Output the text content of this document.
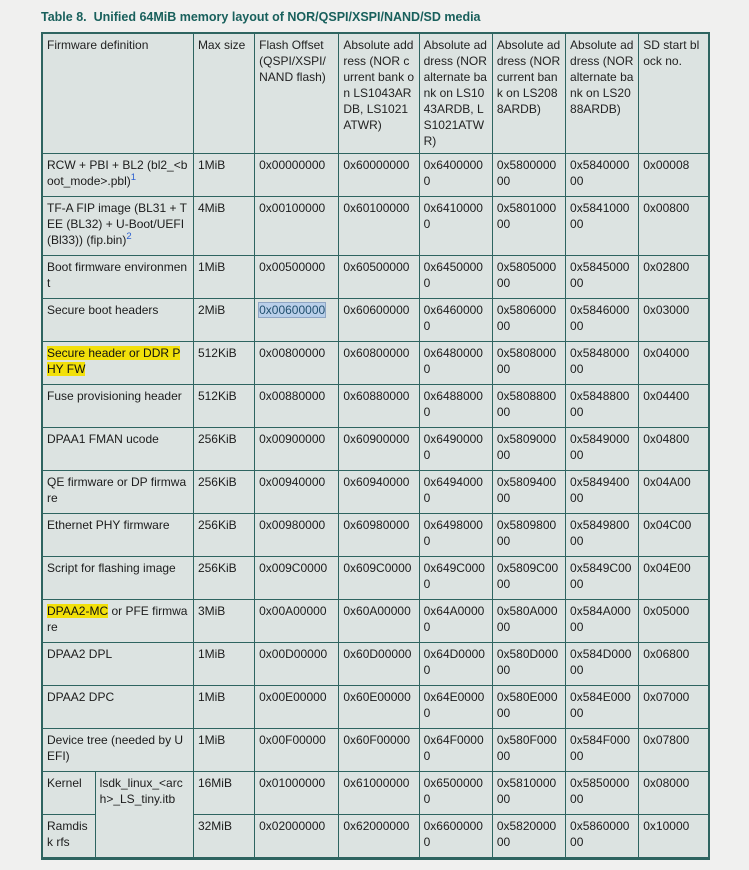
Table 8. Unified 64MiB memory layout of NOR/QSPI/XSPI/NAND/SD media
Firmware definition		Max size	Flash Offset (QSPI/XSPI/NAND flash)	Absolute address (NOR current bank on LS1043ARDB, LS1021ATWR)	Absolute address (NOR alternate bank on LS1043ARDB, LS1021ATWR)	Absolute address (NOR current bank on LS2088ARDB)	Absolute address (NOR alternate bank on LS2088ARDB)	SD start block no.
RCW + PBI + BL2 (bl2_<boot_mode>.pbl)$^1$		1MiB	0x00000000	0x60000000	0x64000000	0x580000000	0x584000000	0x00008
TF-A FIP image (BL31 + TEE (BL32) + U-Boot/UEFI (Bl33)) (fip.bin)$^2$		4MiB	0x00100000	0x60100000	0x64100000	0x580100000	0x584100000	0x00800
Boot firmware environment		1MiB	0x00500000	0x60500000	0x64500000	0x580500000	0x584500000	0x02800
Secure boot headers		2MiB	0x00600000	0x60600000	0x64600000	0x580600000	0x584600000	0x03000
Secure header or DDR PHY FW		512KiB	0x00800000	0x60800000	0x64800000	0x580800000	0x584800000	0x04000
Fuse provisioning header		512KiB	0x00880000	0x60880000	0x64880000	0x580880000	0x584880000	0x04400
DPAA1 FMAN ucode		256KiB	0x00900000	0x60900000	0x64900000	0x580900000	0x584900000	0x04800
QE firmware or DP firmware		256KiB	0x00940000	0x60940000	0x64940000	0x580940000	0x584940000	0x04A00
Ethernet PHY firmware		256KiB	0x00980000	0x60980000	0x64980000	0x580980000	0x584980000	0x04C00
Script for flashing image		256KiB	0x009C0000	0x609C0000	0x649C0000	0x5809C0000	0x5849C0000	0x04E00
DPAA2-MC or PFE firmware		3MiB	0x00A00000	0x60A00000	0x64A00000	0x580A00000	0x584A00000	0x05000
DPAA2 DPL		1MiB	0x00D00000	0x60D00000	0x64D00000	0x580D00000	0x584D00000	0x06800
DPAA2 DPC		1MiB	0x00E00000	0x60E00000	0x64E00000	0x580E00000	0x584E00000	0x07000
Device tree (needed by UEFI)		1MiB	0x00F00000	0x60F00000	0x64F00000	0x580F00000	0x584F00000	0x07800
Kernel	lsdk_linux_<arch>_LS_tiny.itb	16MiB	0x01000000	0x61000000	0x65000000	0x581000000	0x585000000	0x08000
Ramdisk rfs		32MiB	0x02000000	0x62000000	0x66000000	0x582000000	0x586000000	0x10000
